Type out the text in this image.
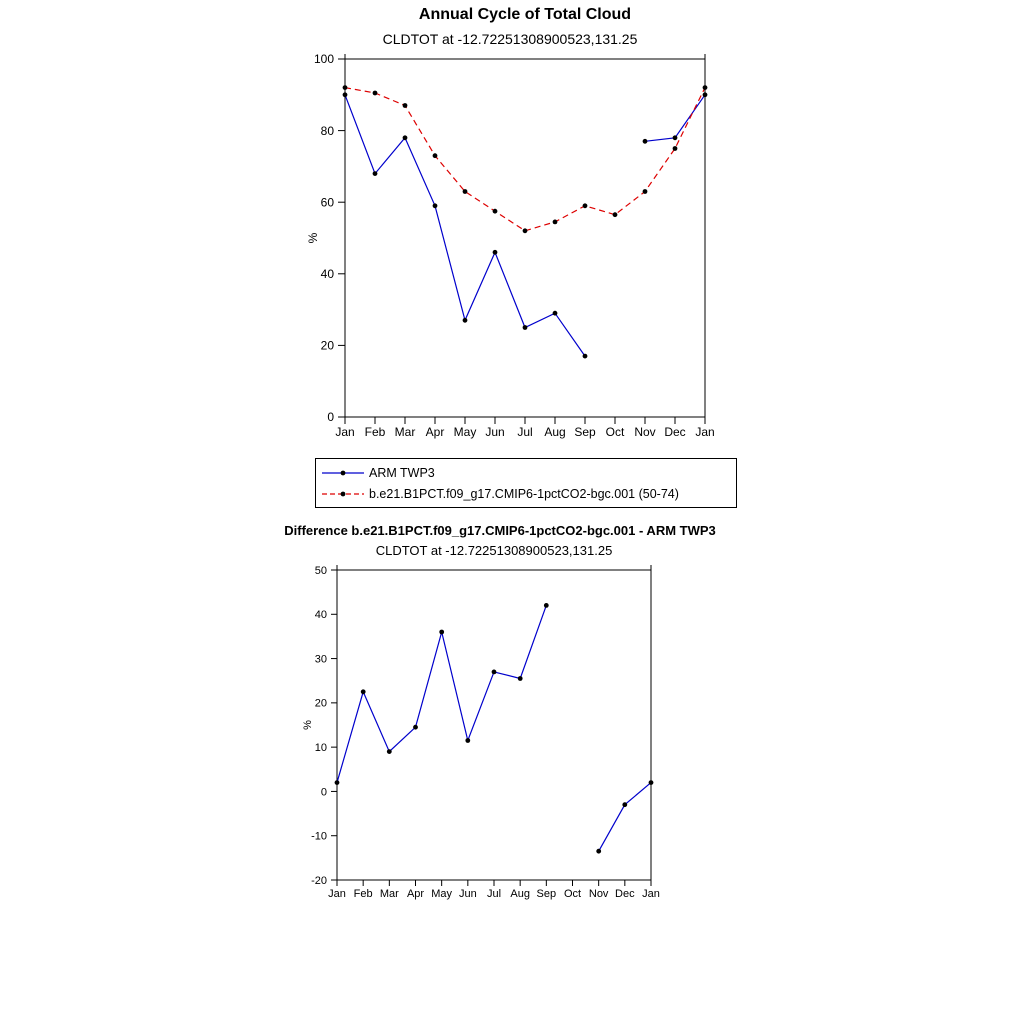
Annual Cycle of Total Cloud
CLDTOT at -12.72251308900523,131.25
0
20
40
60
80
100
Jan Feb Mar Apr May Jun Jul Aug Sep Oct Nov Dec Jan
%
-20
-10
0
10
20
30
40
50
Jan Feb Mar Apr May Jun Jul Aug Sep Oct Nov Dec Jan
%
ARM TWP3
b.e21.B1PCT.f09_g17.CMIP6-1pctCO2-bgc.001 (50-74)
Difference b.e21.B1PCT.f09_g17.CMIP6-1pctCO2-bgc.001 - ARM TWP3
CLDTOT at -12.72251308900523,131.25
